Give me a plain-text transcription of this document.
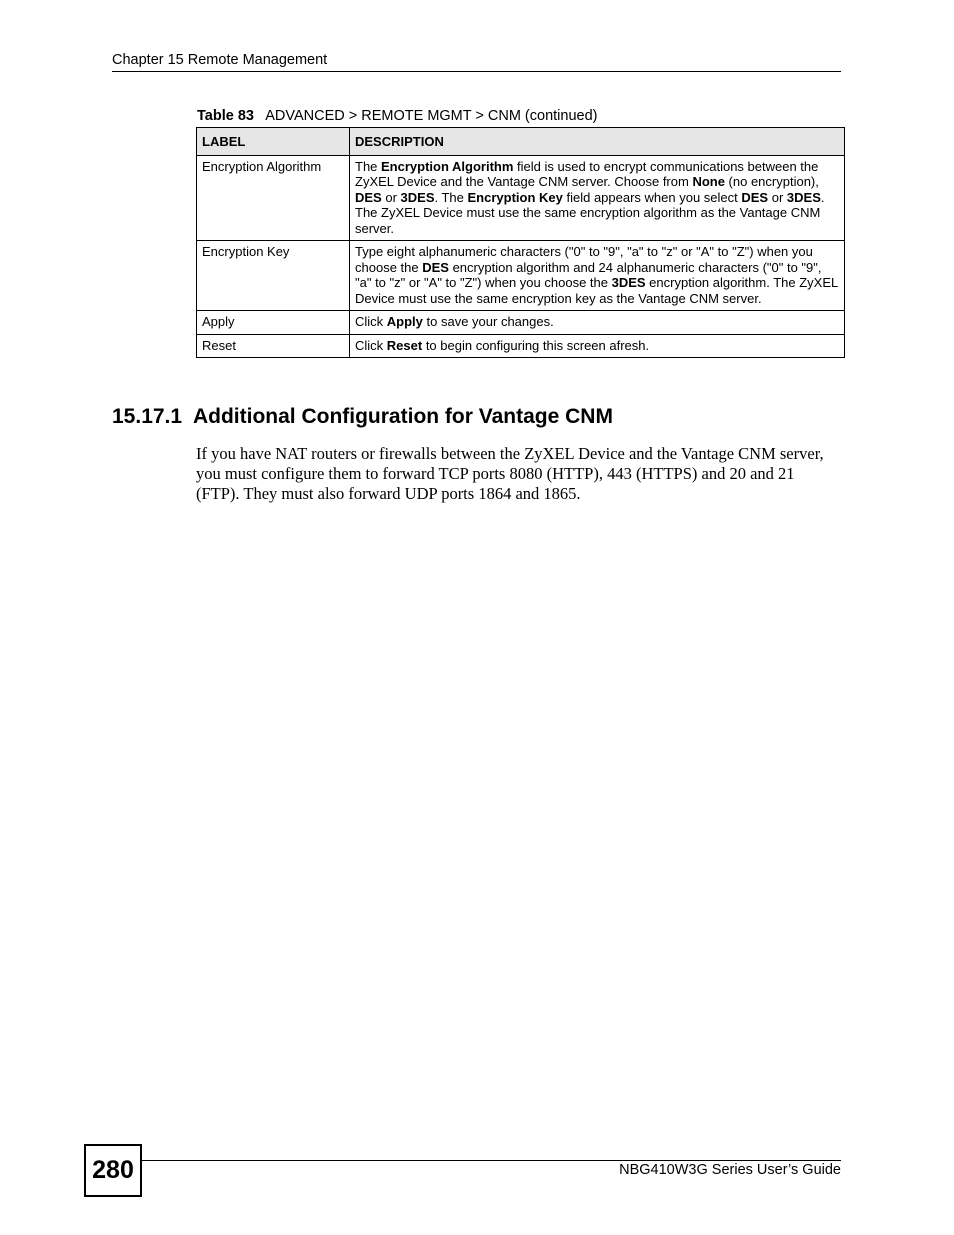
Chapter 15 Remote Management
Table 83 ADVANCED > REMOTE MGMT > CNM (continued)
LABEL	DESCRIPTION
Encryption Algorithm	The Encryption Algorithm field is used to encrypt communications between the ZyXEL Device and the Vantage CNM server. Choose from None (no encryption), DES or 3DES. The Encryption Key field appears when you select DES or 3DES. The ZyXEL Device must use the same encryption algorithm as the Vantage CNM server.
Encryption Key	Type eight alphanumeric characters ("0" to "9", "a" to "z" or "A" to "Z") when you choose the DES encryption algorithm and 24 alphanumeric characters ("0" to "9", "a" to "z" or "A" to "Z") when you choose the 3DES encryption algorithm. The ZyXEL Device must use the same encryption key as the Vantage CNM server.
Apply	Click Apply to save your changes.
Reset	Click Reset to begin configuring this screen afresh.
15.17.1 Additional Configuration for Vantage CNM
If you have NAT routers or firewalls between the ZyXEL Device and the Vantage CNM server, you must configure them to forward TCP ports 8080 (HTTP), 443 (HTTPS) and 20 and 21 (FTP). They must also forward UDP ports 1864 and 1865.
280	NBG410W3G Series User’s Guide
